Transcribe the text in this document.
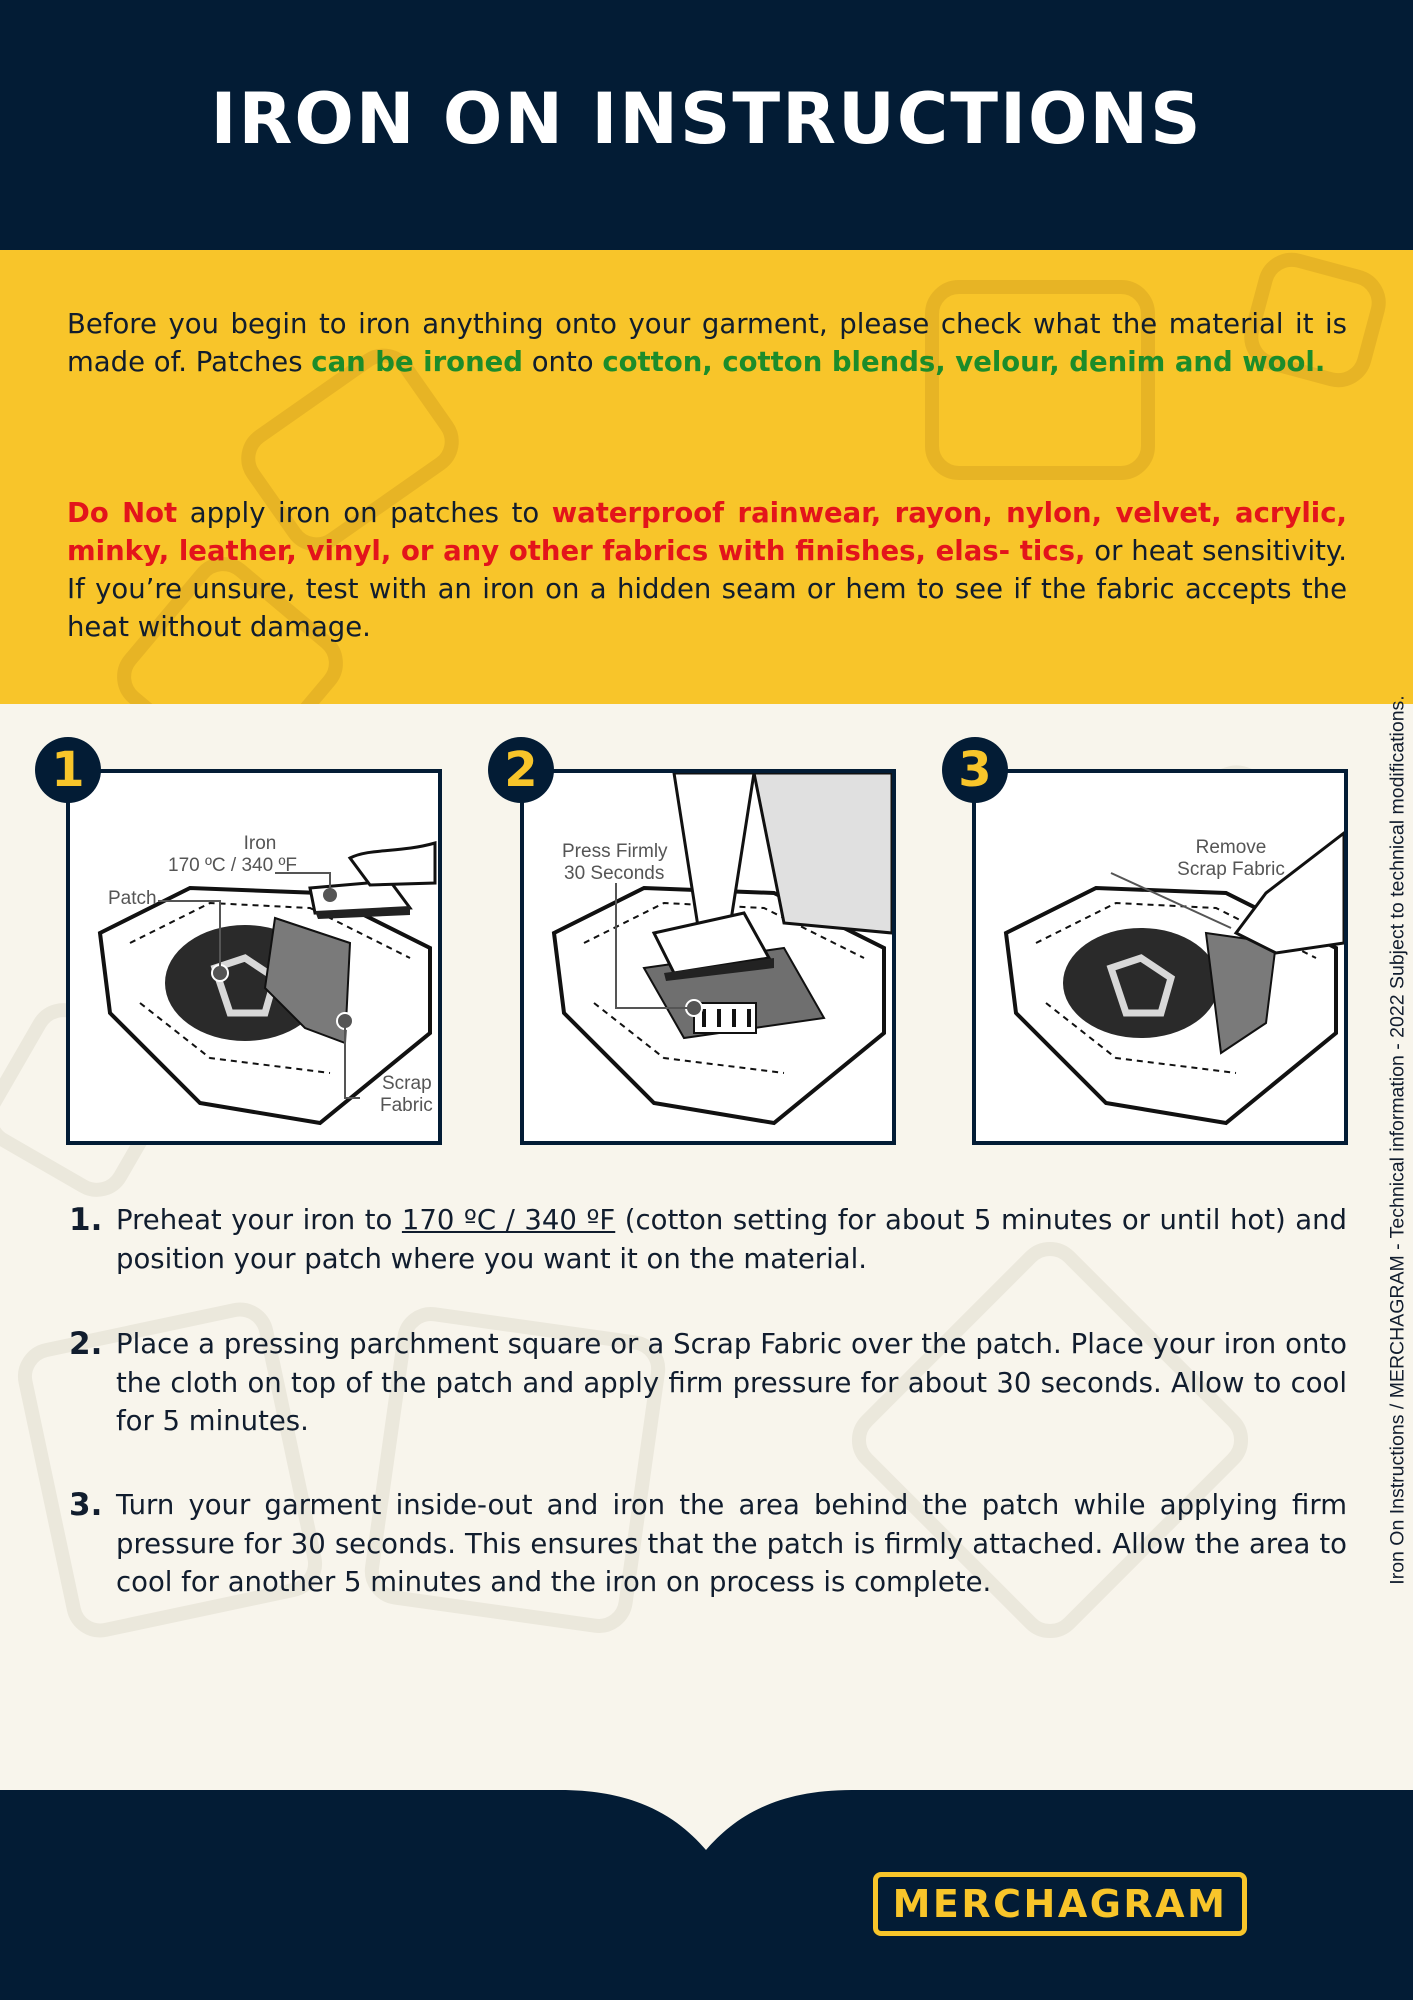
IRON ON INSTRUCTIONS

Before you begin to iron anything onto your garment, please check what the material it is made of. Patches can be ironed onto cotton, cotton blends, velour, denim and wool.

Do Not apply iron on patches to waterproof rainwear, rayon, nylon, velvet, acrylic, minky, leather, vinyl, or any other fabrics with finishes, elas- tics, or heat sensitivity. If you’re unsure, test with an iron on a hidden seam or hem to see if the fabric accepts the heat without damage.

Iron
170 ºC / 340 ºF
Patch
Scrap
Fabric
1
Press Firmly
30 Seconds
2
Remove
Scrap Fabric
3
1. Preheat your iron to 170 ºC / 340 ºF (cotton setting for about 5 minutes or until hot) and position your patch where you want it on the material.
2. Place a pressing parchment square or a Scrap Fabric over the patch. Place your iron onto the cloth on top of the patch and apply firm pressure for about 30 seconds. Allow to cool for 5 minutes.
3. Turn your garment inside-out and iron the area behind the patch while applying firm pressure for 30 seconds. This ensures that the patch is firmly attached. Allow the area to cool for another 5 minutes and the iron on process is complete.	Iron On Instructions / MERCHAGRAM - Technical information - 2022 Subject to technical modifications.
MERCHAGRAM
